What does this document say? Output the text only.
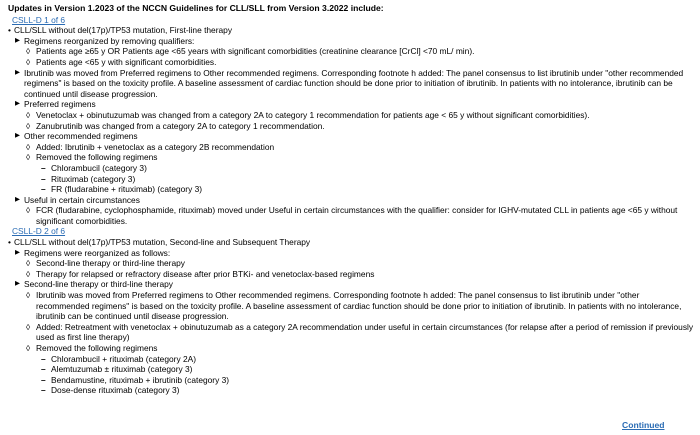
Updates in Version 1.2023 of the NCCN Guidelines for CLL/SLL from Version 3.2022 include:
CSLL-D 1 of 6
• CLL/SLL without del(17p)/TP53 mutation, First-line therapy
▶ Regimens reorganized by removing qualifiers:
◊ Patients age ≥65 y OR Patients age <65 years with significant comorbidities (creatinine clearance [CrCl] <70 mL/ min).
◊ Patients age <65 y with significant comorbidities.
▶ Ibrutinib was moved from Preferred regimens to Other recommended regimens. Corresponding footnote h added: The panel consensus to list ibrutinib under "other recommended regimens" is based on the toxicity profile. A baseline assessment of cardiac function should be done prior to initiation of ibrutinib. In patients with no intolerance, ibrutinib can be continued until disease progression.
▶ Preferred regimens
◊ Venetoclax + obinutuzumab was changed from a category 2A to category 1 recommendation for patients age < 65 y without significant comorbidities).
◊ Zanubrutinib was changed from a category 2A to category 1 recommendation.
▶ Other recommended regimens
◊ Added: Ibrutinib + venetoclax as a category 2B recommendation
◊ Removed the following regimens
– Chlorambucil (category 3)
– Rituximab (category 3)
– FR (fludarabine + rituximab) (category 3)
▶ Useful in certain circumstances
◊ FCR (fludarabine, cyclophosphamide, rituximab) moved under Useful in certain circumstances with the qualifier: consider for IGHV-mutated CLL in patients age <65 y without significant comorbidities.
CSLL-D 2 of 6
• CLL/SLL without del(17p)/TP53 mutation, Second-line and Subsequent Therapy
▶ Regimens were reorganized as follows:
◊ Second-line therapy or third-line therapy
◊ Therapy for relapsed or refractory disease after prior BTKi- and venetoclax-based regimens
▶ Second-line therapy or third-line therapy
◊ Ibrutinib was moved from Preferred regimens to Other recommended regimens. Corresponding footnote h added: The panel consensus to list ibrutinib under "other recommended regimens" is based on the toxicity profile. A baseline assessment of cardiac function should be done prior to initiation of ibrutinib. In patients with no intolerance, ibrutinib can be continued until disease progression.
◊ Added: Retreatment with venetoclax + obinutuzumab as a category 2A recommendation under useful in certain circumstances (for relapse after a period of remission if previously used as first line therapy)
◊ Removed the following regimens
– Chlorambucil + rituximab (category 2A)
– Alemtuzumab ± rituximab (category 3)
– Bendamustine, rituximab + ibrutinib (category 3)
– Dose-dense rituximab (category 3)
Continued
